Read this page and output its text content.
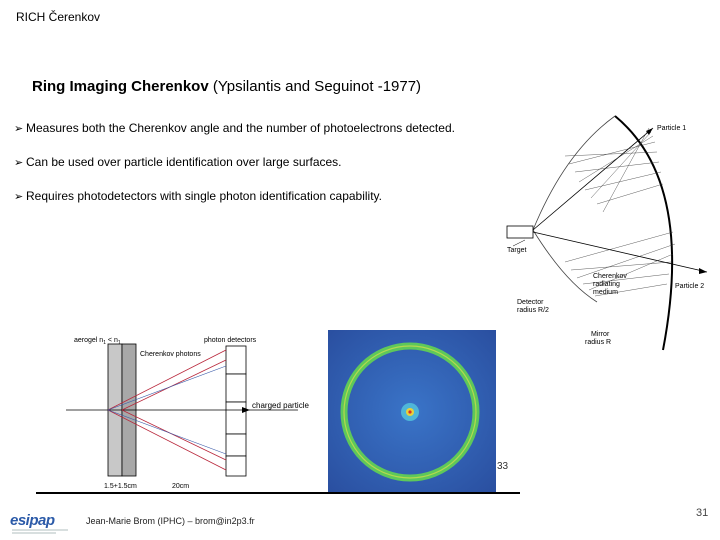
RICH Čerenkov
Ring Imaging Cherenkov (Ypsilantis and Seguinot -1977)
➢ Measures both the Cherenkov angle and the number of photoelectrons detected.
➢ Can be used over particle identification over large surfaces.
➢ Requires photodetectors with single photon identification capability.
Particle 1
Particle 2
Target
Cherenkov
radiating
medium
Detector
radius R/2
Mirror
radius R
aerogel $n_1 < n_1$
Cherenkov photons
photon detectors
charged particle
1.5+1.5cm	20cm
33
esipap	Jean-Marie Brom (IPHC) – brom@in2p3.fr
31
